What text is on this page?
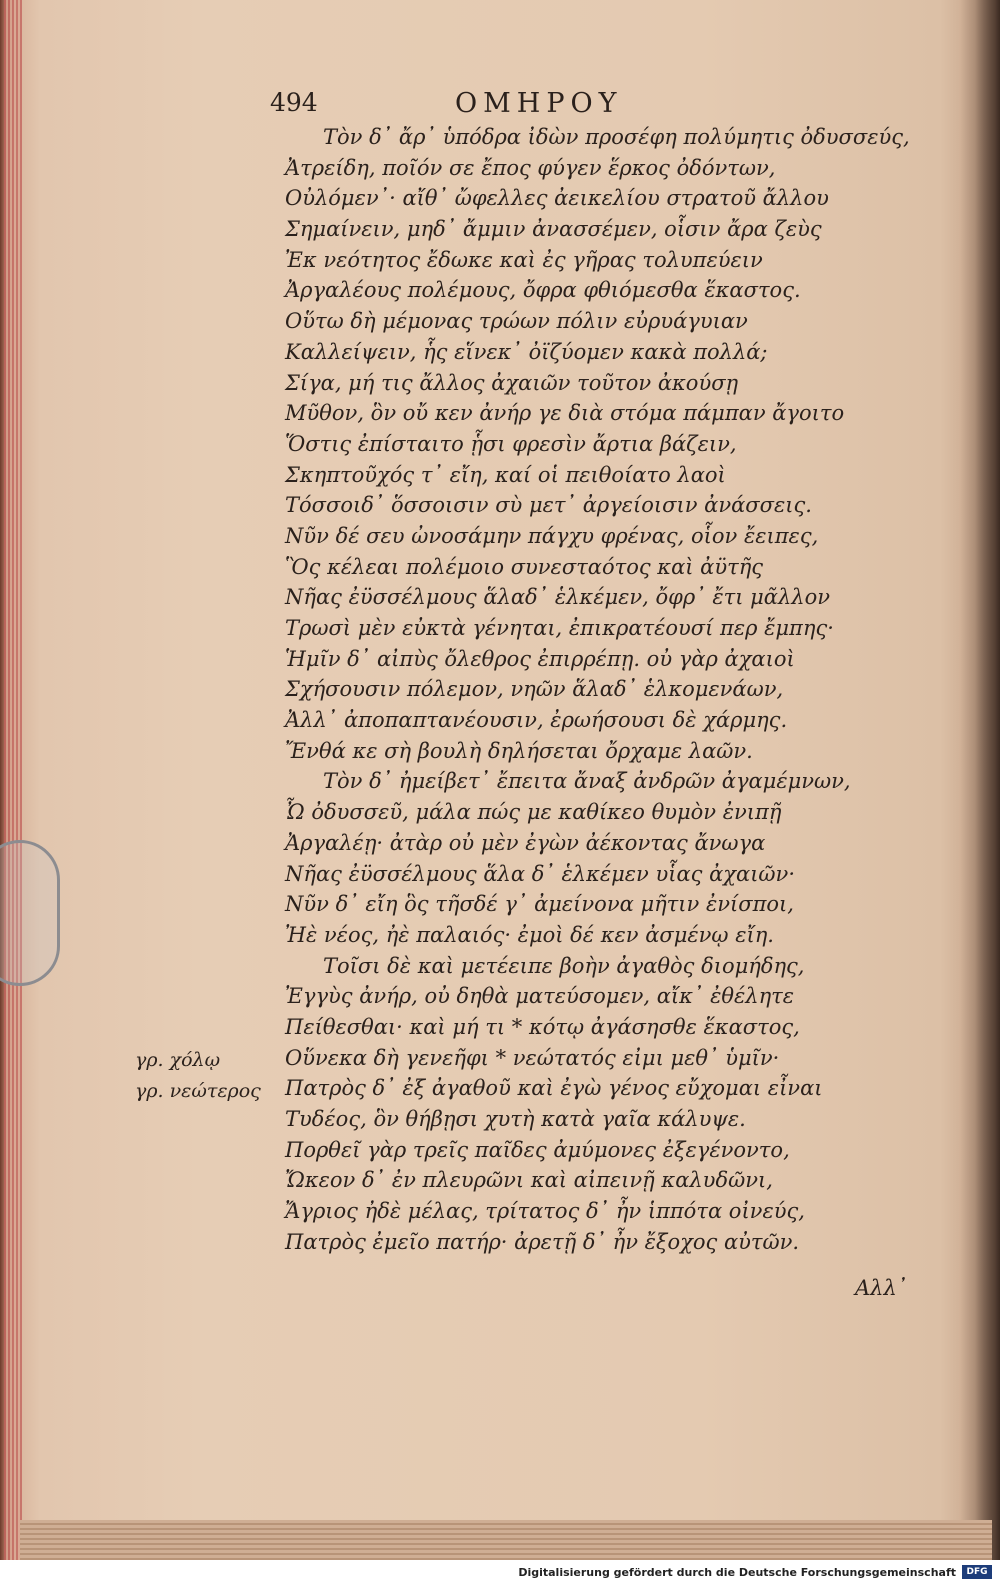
494	ΟΜΗΡΟΥ
Τὸν δ᾽ ἄρ᾽ ὑπόδρα ἰδὼν προσέφη πολύμητις ὀδυσσεύς,
Ἀτρείδη, ποῖόν σε ἔπος φύγεν ἕρκος ὀδόντων,
Οὐλόμεν᾽· αἴθ᾽ ὤφελλες ἀεικελίου στρατοῦ ἄλλου
Σημαίνειν, μηδ᾽ ἄμμιν ἀνασσέμεν, οἷσιν ἄρα ζεὺς
Ἐκ νεότητος ἔδωκε καὶ ἐς γῆρας τολυπεύειν
Ἀργαλέους πολέμους, ὄφρα φθιόμεσθα ἕκαστος.
Οὕτω δὴ μέμονας τρώων πόλιν εὐρυάγυιαν
Καλλείψειν, ἧς εἵνεκ᾽ ὀϊζύομεν κακὰ πολλά;
Σίγα, μή τις ἄλλος ἀχαιῶν τοῦτον ἀκούσῃ
Μῦθον, ὃν οὔ κεν ἀνήρ γε διὰ στόμα πάμπαν ἄγοιτο
Ὅστις ἐπίσταιτο ᾗσι φρεσὶν ἄρτια βάζειν,
Σκηπτοῦχός τ᾽ εἴη, καί οἱ πειθοίατο λαοὶ
Τόσσοιδ᾽ ὅσσοισιν σὺ μετ᾽ ἀργείοισιν ἀνάσσεις.
Νῦν δέ σευ ὠνοσάμην πάγχυ φρένας, οἷον ἔειπες,
Ὃς κέλεαι πολέμοιο συνεσταότος καὶ ἀϋτῆς
Νῆας ἐϋσσέλμους ἅλαδ᾽ ἑλκέμεν, ὄφρ᾽ ἔτι μᾶλλον
Τρωσὶ μὲν εὐκτὰ γένηται, ἐπικρατέουσί περ ἔμπης·
Ἡμῖν δ᾽ αἰπὺς ὄλεθρος ἐπιρρέπῃ. οὐ γὰρ ἀχαιοὶ
Σχήσουσιν πόλεμον, νηῶν ἅλαδ᾽ ἑλκομενάων,
Ἀλλ᾽ ἀποπαπτανέουσιν, ἐρωήσουσι δὲ χάρμης.
Ἔνθά κε σὴ βουλὴ δηλήσεται ὄρχαμε λαῶν.
Τὸν δ᾽ ἠμείβετ᾽ ἔπειτα ἄναξ ἀνδρῶν ἀγαμέμνων,
Ὦ ὀδυσσεῦ, μάλα πώς με καθίκεο θυμὸν ἐνιπῇ
Ἀργαλέῃ· ἀτὰρ οὐ μὲν ἐγὼν ἀέκοντας ἄνωγα
Νῆας ἐϋσσέλμους ἅλα δ᾽ ἑλκέμεν υἷας ἀχαιῶν·
Νῦν δ᾽ εἴη ὃς τῆσδέ γ᾽ ἀμείνονα μῆτιν ἐνίσποι,
Ἠὲ νέος, ἠὲ παλαιός· ἐμοὶ δέ κεν ἀσμένῳ εἴη.
Τοῖσι δὲ καὶ μετέειπε βοὴν ἀγαθὸς διομήδης,
Ἐγγὺς ἀνήρ, οὐ δηθὰ ματεύσομεν, αἴκ᾽ ἐθέλητε
Πείθεσθαι· καὶ μή τι * κότῳ ἀγάσησθε ἕκαστος,
Οὕνεκα δὴ γενεῆφι * νεώτατός εἰμι μεθ᾽ ὑμῖν·
Πατρὸς δ᾽ ἐξ ἀγαθοῦ καὶ ἐγὼ γένος εὔχομαι εἶναι
Τυδέος, ὃν θήβῃσι χυτὴ κατὰ γαῖα κάλυψε.
Πορθεῖ γὰρ τρεῖς παῖδες ἀμύμονες ἐξεγένοντο,
Ὤκεον δ᾽ ἐν πλευρῶνι καὶ αἰπεινῇ καλυδῶνι,
Ἄγριος ἠδὲ μέλας, τρίτατος δ᾽ ἦν ἱππότα οἰνεύς,
Πατρὸς ἐμεῖο πατήρ· ἀρετῇ δ᾽ ἦν ἔξοχος αὐτῶν.
γρ. χόλῳ
γρ. νεώτερος
Αλλ᾽
Digitalisierung gefördert durch die Deutsche Forschungsgemeinschaft	DFG
